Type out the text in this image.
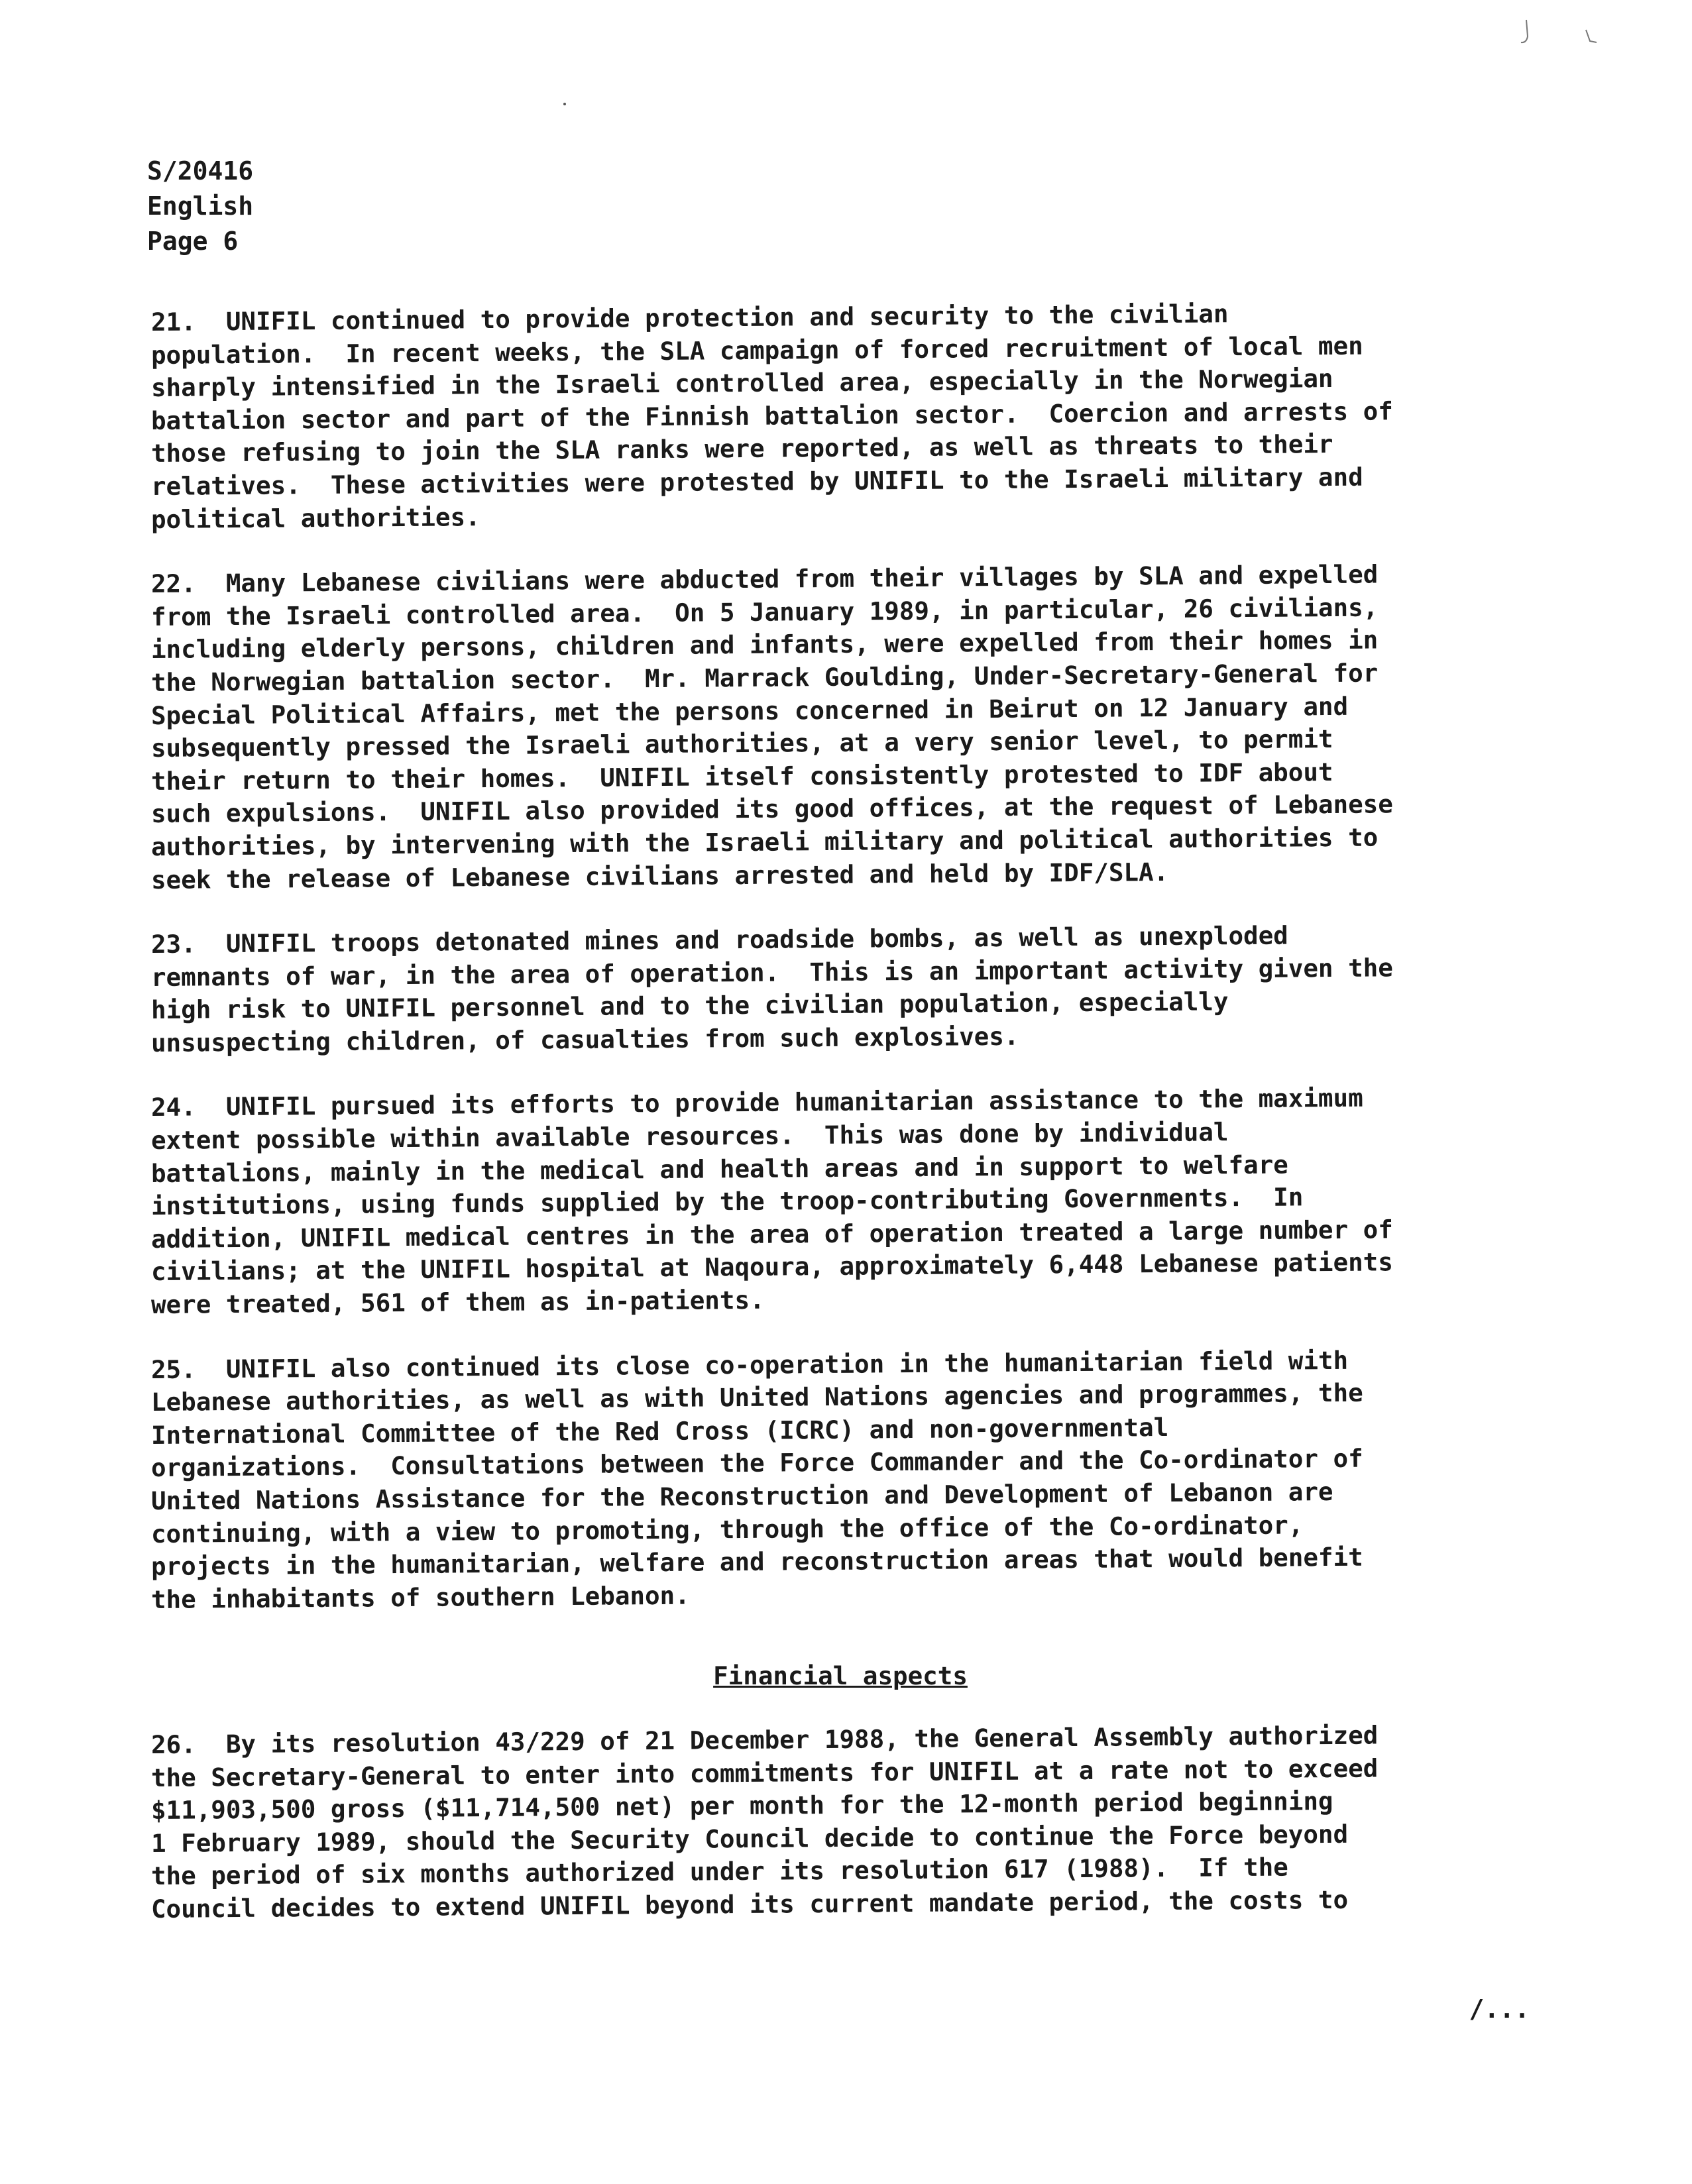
S/20416
English
Page 6
21.  UNIFIL continued to provide protection and security to the civilian
population.  In recent weeks, the SLA campaign of forced recruitment of local men
sharply intensified in the Israeli controlled area, especially in the Norwegian
battalion sector and part of the Finnish battalion sector.  Coercion and arrests of
those refusing to join the SLA ranks were reported, as well as threats to their
relatives.  These activities were protested by UNIFIL to the Israeli military and
political authorities.
22.  Many Lebanese civilians were abducted from their villages by SLA and expelled
from the Israeli controlled area.  On 5 January 1989, in particular, 26 civilians,
including elderly persons, children and infants, were expelled from their homes in
the Norwegian battalion sector.  Mr. Marrack Goulding, Under-Secretary-General for
Special Political Affairs, met the persons concerned in Beirut on 12 January and
subsequently pressed the Israeli authorities, at a very senior level, to permit
their return to their homes.  UNIFIL itself consistently protested to IDF about
such expulsions.  UNIFIL also provided its good offices, at the request of Lebanese
authorities, by intervening with the Israeli military and political authorities to
seek the release of Lebanese civilians arrested and held by IDF/SLA.
23.  UNIFIL troops detonated mines and roadside bombs, as well as unexploded
remnants of war, in the area of operation.  This is an important activity given the
high risk to UNIFIL personnel and to the civilian population, especially
unsuspecting children, of casualties from such explosives.
24.  UNIFIL pursued its efforts to provide humanitarian assistance to the maximum
extent possible within available resources.  This was done by individual
battalions, mainly in the medical and health areas and in support to welfare
institutions, using funds supplied by the troop-contributing Governments.  In
addition, UNIFIL medical centres in the area of operation treated a large number of
civilians; at the UNIFIL hospital at Naqoura, approximately 6,448 Lebanese patients
were treated, 561 of them as in-patients.
25.  UNIFIL also continued its close co-operation in the humanitarian field with
Lebanese authorities, as well as with United Nations agencies and programmes, the
International Committee of the Red Cross (ICRC) and non-governmental
organizations.  Consultations between the Force Commander and the Co-ordinator of
United Nations Assistance for the Reconstruction and Development of Lebanon are
continuing, with a view to promoting, through the office of the Co-ordinator,
projects in the humanitarian, welfare and reconstruction areas that would benefit
the inhabitants of southern Lebanon.
Financial aspects
26.  By its resolution 43/229 of 21 December 1988, the General Assembly authorized
the Secretary-General to enter into commitments for UNIFIL at a rate not to exceed
$11,903,500 gross ($11,714,500 net) per month for the 12-month period beginning
1 February 1989, should the Security Council decide to continue the Force beyond
the period of six months authorized under its resolution 617 (1988).  If the
Council decides to extend UNIFIL beyond its current mandate period, the costs to
/...
